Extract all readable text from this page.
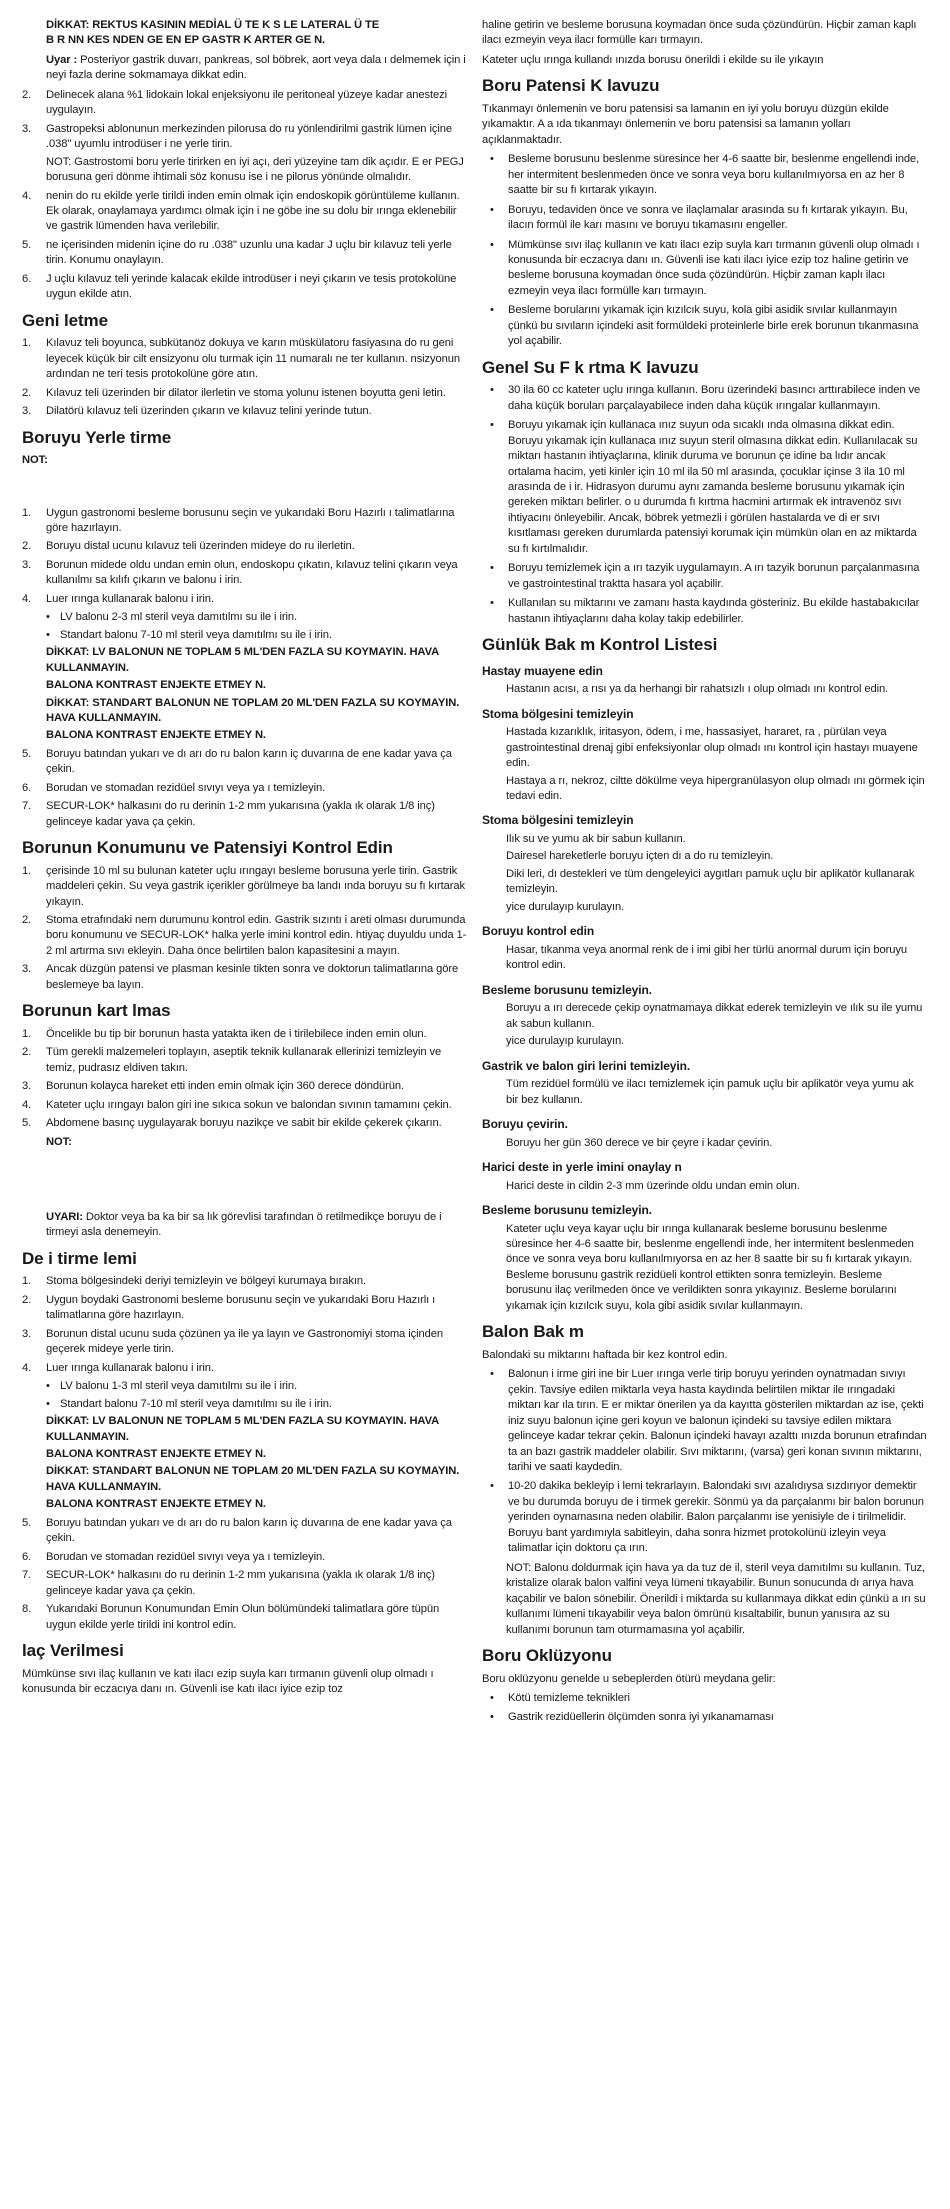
DİKKAT: REKTUS KASININ MEDİAL Ü TE K S LE LATERAL Ü TE

B R NN KES NDEN GE EN EP GASTR K ARTER GE N.

Uyar : Posteriyor gastrik duvarı, pankreas, sol böbrek, aort veya dala ı delmemek için i neyi fazla derine sokmamaya dikkat edin.

2.	Delinecek alana %1 lidokain lokal enjeksiyonu ile peritoneal yüzeye kadar anestezi uygulayın.
3.	Gastropeksi ablonunun merkezinden pilorusa do ru yönlendirilmi gastrik lümen içine .038" uyumlu introdüser i ne yerle tirin.
NOT: Gastrostomi boru yerle tirirken en iyi açı, deri yüzeyine tam dik açıdır. E er PEGJ borusuna geri dönme ihtimali söz konusu ise i ne pilorus yönünde olmalıdır.
4.	nenin do ru ekilde yerle tirildi inden emin olmak için endoskopik görüntüleme kullanın. Ek olarak, onaylamaya yardımcı olmak için i ne göbe ine su dolu bir ırınga eklenebilir ve gastrik lümenden hava verilebilir.
5.	ne içerisinden midenin içine do ru .038" uzunlu una kadar J uçlu bir kılavuz teli yerle tirin. Konumu onaylayın.
6.	J uçlu kılavuz teli yerinde kalacak ekilde introdüser i neyi çıkarın ve tesis protokolüne uygun ekilde atın.
Geni letme
1.	Kılavuz teli boyunca, subkütanöz dokuya ve karın müskülatoru fasiyasına do ru geni leyecek küçük bir cilt ensizyonu olu turmak için 11 numaralı ne ter kullanın. nsizyonun ardından ne teri tesis protokolüne göre atın.
2.	Kılavuz teli üzerinden bir dilator ilerletin ve stoma yolunu istenen boyutta geni letin.
3.	Dilatörü kılavuz teli üzerinden çıkarın ve kılavuz telini yerinde tutun.
Boruyu Yerle tirme

NOT:

1.	Uygun gastronomi besleme borusunu seçin ve yukarıdaki Boru Hazırlı ı talimatlarına göre hazırlayın.
2.	Boruyu distal ucunu kılavuz teli üzerinden mideye do ru ilerletin.
3.	Borunun midede oldu undan emin olun, endoskopu çıkatın, kılavuz telini çıkarın veya kullanılmı sa kılıfı çıkarın ve balonu i irin.
4.	Luer ırınga kullanarak balonu i irin.
• LV balonu 2-3 ml steril veya damıtılmı su ile i irin.
• Standart balonu 7-10 ml steril veya damıtılmı su ile i irin.

DİKKAT: LV BALONUN NE TOPLAM 5 ML'DEN FAZLA SU KOYMAYIN. HAVA KULLANMAYIN.

BALONA KONTRAST ENJEKTE ETMEY N.

DİKKAT: STANDART BALONUN NE TOPLAM 20 ML'DEN FAZLA SU KOYMAYIN. HAVA KULLANMAYIN.

BALONA KONTRAST ENJEKTE ETMEY N.

5.	Boruyu batından yukarı ve dı arı do ru balon karın iç duvarına de ene kadar yava ça çekin.
6.	Borudan ve stomadan rezidüel sıvıyı veya ya ı temizleyin.
7.	SECUR-LOK* halkasını do ru derinin 1-2 mm yukarısına (yakla ık olarak 1/8 inç) gelinceye kadar yava ça çekin.
Borunun Konumunu ve Patensiyi Kontrol Edin
1.	çerisinde 10 ml su bulunan kateter uçlu ırıngayı besleme borusuna yerle tirin. Gastrik maddeleri çekin. Su veya gastrik içerikler görülmeye ba landı ında boruyu su fı kırtarak yıkayın.
2.	Stoma etrafındaki nem durumunu kontrol edin. Gastrik sızıntı i areti olması durumunda boru konumunu ve SECUR-LOK* halka yerle imini kontrol edin. htiyaç duyuldu unda 1- 2 ml artırma sıvı ekleyin. Daha önce belirtilen balon kapasitesini a mayın.
3.	Ancak düzgün patensi ve plasman kesinle tikten sonra ve doktorun talimatlarına göre beslemeye ba layın.
Borunun kart lmas
1.	Öncelikle bu tip bir borunun hasta yatakta iken de i tirilebilece inden emin olun.
2.	Tüm gerekli malzemeleri toplayın, aseptik teknik kullanarak ellerinizi temizleyin ve temiz, pudrasız eldiven takın.
3.	Borunun kolayca hareket etti inden emin olmak için 360 derece döndürün.
4.	Kateter uçlu ırıngayı balon giri ine sıkıca sokun ve balondan sıvının tamamını çekin.
5.	Abdomene basınç uygulayarak boruyu nazikçe ve sabit bir ekilde çekerek çıkarın.

NOT:

UYARI: Doktor veya ba ka bir sa lık görevlisi tarafından ö retilmedikçe boruyu de i tirmeyi asla denemeyin.

De i tirme lemi
1.	Stoma bölgesindeki deriyi temizleyin ve bölgeyi kurumaya bırakın.
2.	Uygun boydaki Gastronomi besleme borusunu seçin ve yukarıdaki Boru Hazırlı ı talimatlarına göre hazırlayın.
3.	Borunun distal ucunu suda çözünen ya ile ya layın ve Gastronomiyi stoma içinden geçerek mideye yerle tirin.
4.	Luer ırınga kullanarak balonu i irin.
• LV balonu 1-3 ml steril veya damıtılmı su ile i irin.
• Standart balonu 7-10 ml steril veya damıtılmı su ile i irin.

DİKKAT: LV BALONUN NE TOPLAM 5 ML'DEN FAZLA SU KOYMAYIN. HAVA KULLANMAYIN.

BALONA KONTRAST ENJEKTE ETMEY N.

DİKKAT: STANDART BALONUN NE TOPLAM 20 ML'DEN FAZLA SU KOYMAYIN. HAVA KULLANMAYIN.

BALONA KONTRAST ENJEKTE ETMEY N.

5.	Boruyu batından yukarı ve dı arı do ru balon karın iç duvarına de ene kadar yava ça çekin.
6.	Borudan ve stomadan rezidüel sıvıyı veya ya ı temizleyin.
7.	SECUR-LOK* halkasını do ru derinin 1-2 mm yukarısına (yakla ık olarak 1/8 inç) gelinceye kadar yava ça çekin.
8.	Yukarıdaki Borunun Konumundan Emin Olun bölümündeki talimatlara göre tüpün uygun ekilde yerle tirildi ini kontrol edin.
laç Verilmesi

Mümkünse sıvı ilaç kullanın ve katı ilacı ezip suyla karı tırmanın güvenli olup olmadı ı konusunda bir eczacıya danı ın. Güvenli ise katı ilacı iyice ezip toz

haline getirin ve besleme borusuna koymadan önce suda çözündürün. Hiçbir zaman kaplı ilacı ezmeyin veya ilacı formülle karı tırmayın.

Kateter uçlu ırınga kullandı ınızda borusu önerildi i ekilde su ile yıkayın

Boru Patensi K lavuzu

Tıkanmayı önlemenin ve boru patensisi sa lamanın en iyi yolu boruyu düzgün ekilde yıkamaktır. A a ıda tıkanmayı önlemenin ve boru patensisi sa lamanın yolları açıklanmaktadır.

•	Besleme borusunu beslenme süresince her 4-6 saatte bir, beslenme engellendi inde, her intermitent beslenmeden önce ve sonra veya boru kullanılmıyorsa en az her 8 saatte bir su fı kırtarak yıkayın.
•	Boruyu, tedaviden önce ve sonra ve ilaçlamalar arasında su fı kırtarak yıkayın. Bu, ilacın formül ile karı masını ve boruyu tıkamasını engeller.
•	Mümkünse sıvı ilaç kullanın ve katı ilacı ezip suyla karı tırmanın güvenli olup olmadı ı konusunda bir eczacıya danı ın. Güvenli ise katı ilacı iyice ezip toz haline getirin ve besleme borusuna koymadan önce suda çözündürün. Hiçbir zaman kaplı ilacı ezmeyin veya ilacı formülle karı tırmayın.
•	Besleme borularını yıkamak için kızılcık suyu, kola gibi asidik sıvılar kullanmayın çünkü bu sıvıların içindeki asit formüldeki proteinlerle birle erek borunun tıkanmasına yol açabilir.
Genel Su F k rtma K lavuzu
•	30 ila 60 cc kateter uçlu ırınga kullanın. Boru üzerindeki basıncı arttırabilece inden ve daha küçük boruları parçalayabilece inden daha küçük ırıngalar kullanmayın.
•	Boruyu yıkamak için kullanaca ınız suyun oda sıcaklı ında olmasına dikkat edin. Boruyu yıkamak için kullanaca ınız suyun steril olmasına dikkat edin. Kullanılacak su miktarı hastanın ihtiyaçlarına, klinik duruma ve borunun çe idine ba lıdır ancak ortalama hacim, yeti kinler için 10 ml ila 50 ml arasında, çocuklar içinse 3 ila 10 ml arasında de i ir. Hidrasyon durumu aynı zamanda besleme borusunu yıkamak için gereken miktarı belirler. o u durumda fı kırtma hacmini artırmak ek intravenöz sıvı ihtiyacını önleyebilir. Ancak, böbrek yetmezli i görülen hastalarda ve di er sıvı kısıtlaması gereken durumlarda patensiyi korumak için mümkün olan en az miktarda su fı kırtılmalıdır.
•	Boruyu temizlemek için a ırı tazyik uygulamayın. A ırı tazyik borunun parçalanmasına ve gastrointestinal traktta hasara yol açabilir.
•	Kullanılan su miktarını ve zamanı hasta kaydında gösteriniz. Bu ekilde hastabakıcılar hastanın ihtiyaçlarını daha kolay takip edebilirler.
Günlük Bak m Kontrol Listesi
Hastay muayene edin

Hastanın acısı, a rısı ya da herhangi bir rahatsızlı ı olup olmadı ını kontrol edin.

Stoma bölgesini temizleyin

Hastada kızarıklık, iritasyon, ödem, i me, hassasiyet, hararet, ra , pürülan veya gastrointestinal drenaj gibi enfeksiyonlar olup olmadı ını kontrol için hastayı muayene edin.

Hastaya a rı, nekroz, ciltte dökülme veya hipergranülasyon olup olmadı ını görmek için tedavi edin.

Stoma bölgesini temizleyin

Ilık su ve yumu ak bir sabun kullanın.

Dairesel hareketlerle boruyu içten dı a do ru temizleyin.

Diki leri, dı destekleri ve tüm dengeleyici aygıtları pamuk uçlu bir aplikatör kullanarak temizleyin.

yice durulayıp kurulayın.

Boruyu kontrol edin

Hasar, tıkanma veya anormal renk de i imi gibi her türlü anormal durum için boruyu kontrol edin.

Besleme borusunu temizleyin.

Boruyu a ırı derecede çekip oynatmamaya dikkat ederek temizleyin ve ılık su ile yumu ak sabun kullanın.

yice durulayıp kurulayın.

Gastrik ve balon giri lerini temizleyin.

Tüm rezidüel formülü ve ilacı temizlemek için pamuk uçlu bir aplikatör veya yumu ak bir bez kullanın.

Boruyu çevirin.

Boruyu her gün 360 derece ve bir çeyre i kadar çevirin.

Harici deste in yerle imini onaylay n

Harici deste in cildin 2-3 mm üzerinde oldu undan emin olun.

Besleme borusunu temizleyin.

Kateter uçlu veya kayar uçlu bir ırınga kullanarak besleme borusunu beslenme süresince her 4-6 saatte bir, beslenme engellendi inde, her intermitent beslenmeden önce ve sonra veya boru kullanılmıyorsa en az her 8 saatte bir su fı kırtarak yıkayın. Besleme borusunu gastrik rezidüeli kontrol ettikten sonra temizleyin. Besleme borusunu ilaç verilmeden önce ve verildikten sonra yıkayınız. Besleme borularını yıkamak için kızılcık suyu, kola gibi asidik sıvılar kullanmayın.

Balon Bak m

Balondaki su miktarını haftada bir kez kontrol edin.

•	Balonun i irme giri ine bir Luer ırınga verle tirip boruyu yerinden oynatmadan sıvıyı çekin. Tavsiye edilen miktarla veya hasta kaydında belirtilen miktar ile ırıngadaki miktarı kar ıla tırın. E er miktar önerilen ya da kayıtta gösterilen miktardan az ise, çekti iniz suyu balonun içine geri koyun ve balonun içindeki su tavsiye edilen miktara gelinceye kadar tekrar çekin. Balonun içindeki havayı azalttı ınızda borunun etrafından ta an bazı gastrik maddeler olabilir. Sıvı miktarını, (varsa) geri konan sıvının miktarını, tarihi ve saati kaydedin.
•	10-20 dakika bekleyip i lemi tekrarlayın. Balondaki sıvı azalıdıysa sızdırıyor demektir ve bu durumda boruyu de i tirmek gerekir. Sönmü ya da parçalanmı bir balon borunun yerinden oynamasına neden olabilir. Balon parçalanmı ise yenisiyle de i tirilmelidir. Boruyu bant yardımıyla sabitleyin, daha sonra hizmet protokolünü izleyin veya talimatlar için doktoru ça ırın.

NOT: Balonu doldurmak için hava ya da tuz de il, steril veya damıtılmı su kullanın. Tuz, kristalize olarak balon valfini veya lümeni tıkayabilir. Bunun sonucunda dı arıya hava kaçabilir ve balon sönebilir. Önerildi i miktarda su kullanmaya dikkat edin çünkü a ırı su kullanımı lümeni tıkayabilir veya balon ömrünü kısaltabilir, bunun yanısıra az su kullanımı borunun tam oturmamasına yol açabilir.

Boru Oklüzyonu

Boru oklüzyonu genelde u sebeplerden ötürü meydana gelir:

•	Kötü temizleme teknikleri
•	Gastrik rezidüellerin ölçümden sonra iyi yıkanamaması
